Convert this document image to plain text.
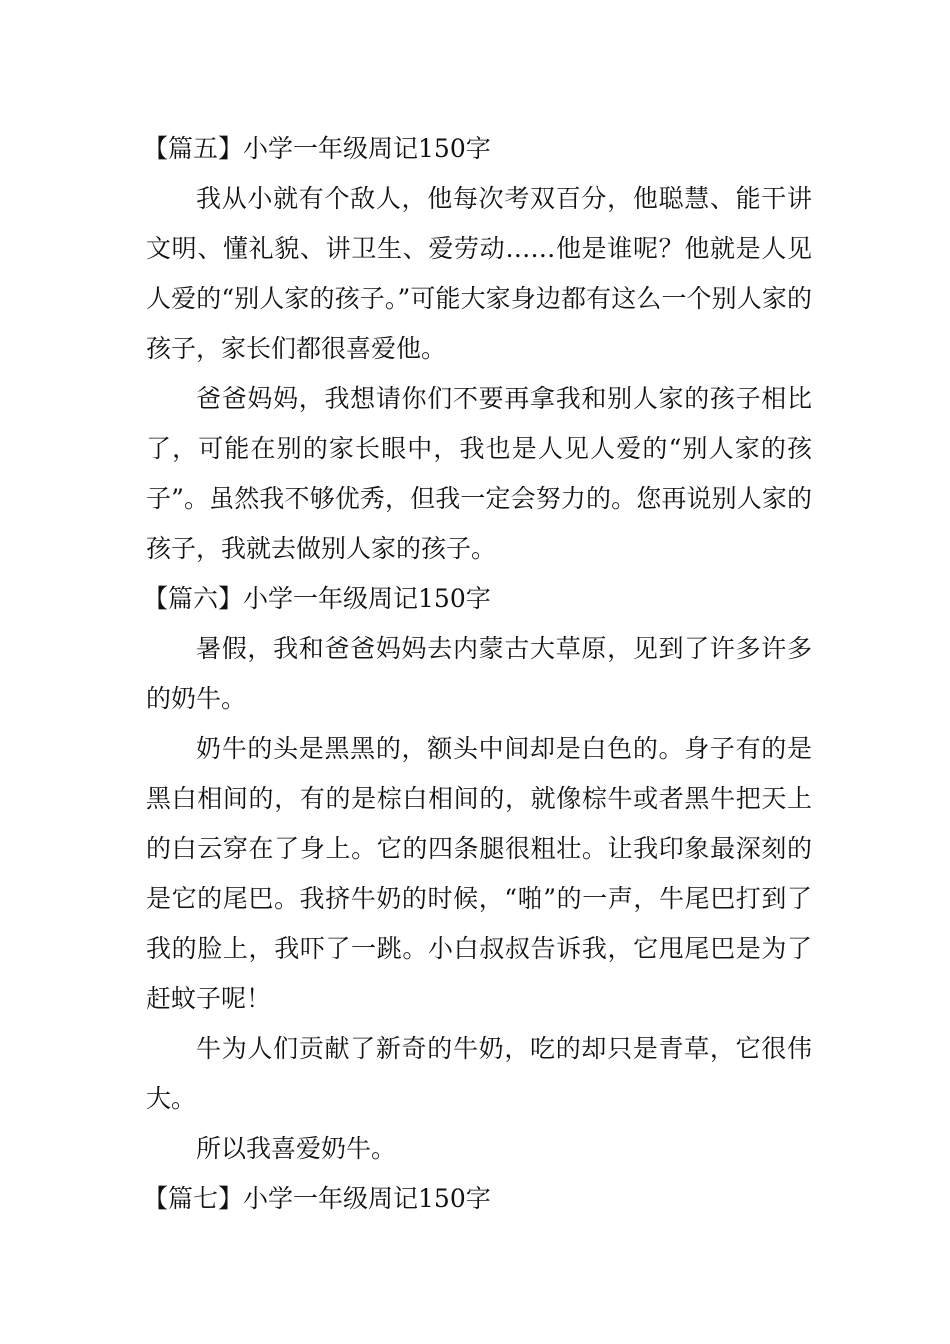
【篇五】小学一年级周记150字

我从小就有个敌人，他每次考双百分，他聪慧、能干讲文明、懂礼貌、讲卫生、爱劳动……他是谁呢？他就是人见人爱的“别人家的孩子。”可能大家身边都有这么一个别人家的孩子，家长们都很喜爱他。

爸爸妈妈，我想请你们不要再拿我和别人家的孩子相比了，可能在别的家长眼中，我也是人见人爱的“别人家的孩子”。虽然我不够优秀，但我一定会努力的。您再说别人家的孩子，我就去做别人家的孩子。

【篇六】小学一年级周记150字

暑假，我和爸爸妈妈去内蒙古大草原，见到了许多许多的奶牛。

奶牛的头是黑黑的，额头中间却是白色的。身子有的是黑白相间的，有的是棕白相间的，就像棕牛或者黑牛把天上的白云穿在了身上。它的四条腿很粗壮。让我印象最深刻的是它的尾巴。我挤牛奶的时候，“啪”的一声，牛尾巴打到了我的脸上，我吓了一跳。小白叔叔告诉我，它甩尾巴是为了赶蚊子呢！

牛为人们贡献了新奇的牛奶，吃的却只是青草，它很伟大。

所以我喜爱奶牛。

【篇七】小学一年级周记150字
